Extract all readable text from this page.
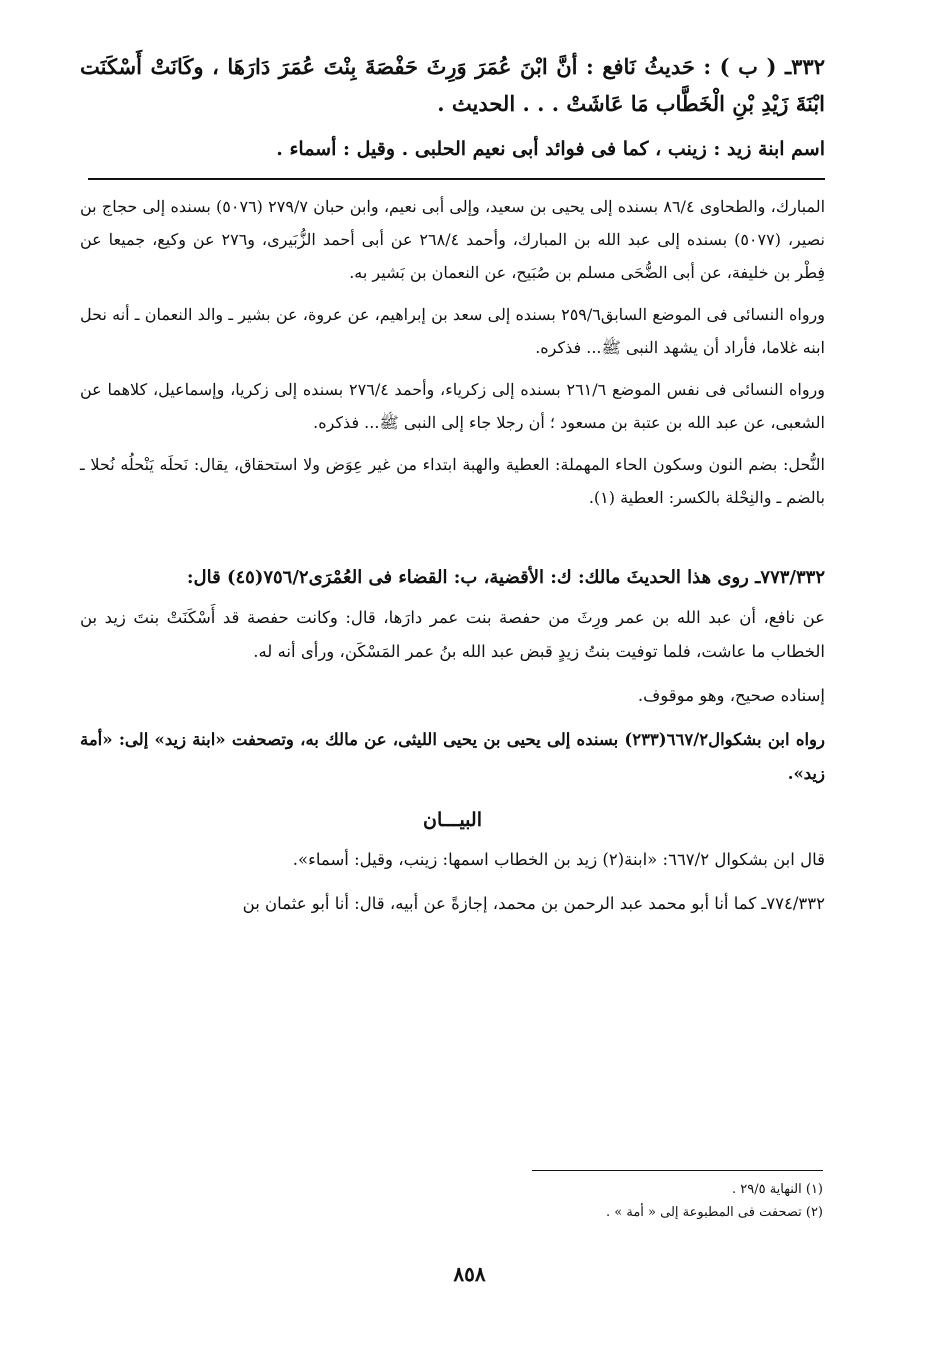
٣٣٢ـ ( ب ) : حَديثُ نَافع : أنَّ ابْنَ عُمَرَ وَرِثَ حَفْصَةَ بِنْتَ عُمَرَ دَارَهَا ، وكَانَتْ أَسْكَنَت ابْنَةَ زَيْدِ بْنِ الْخَطَّاب مَا عَاشَتْ . . . الحديث .

اسم ابنة زيد : زينب ، كما فى فوائد أبى نعيم الحلبى . وقيل : أسماء .

المبارك، والطحاوى ٨٦/٤ بسنده إلى يحيى بن سعيد، وإلى أبى نعيم، وابن حبان ٢٧٩/٧ (٥٠٧٦) بسنده إلى حجاج بن نصير، (٥٠٧٧) بسنده إلى عبد الله بن المبارك، وأحمد ٢٦٨/٤ عن أبى أحمد الزُّبَيرى، و٢٧٦ عن وكيع، جميعا عن فِطْر بن خليفة، عن أبى الضُّحَى مسلم بن صُبَيح، عن النعمان بن بَشير به.

ورواه النسائى فى الموضع السابق٢٥٩/٦ بسنده إلى سعد بن إبراهيم، عن عروة، عن بشير ـ والد النعمان ـ أنه نحل ابنه غلاما، فأراد أن يشهد النبى ﷺ... فذكره.

ورواه النسائى فى نفس الموضع ٢٦١/٦ بسنده إلى زكرياء، وأحمد ٢٧٦/٤ بسنده إلى زكريا، وإسماعيل، كلاهما عن الشعبى، عن عبد الله بن عتبة بن مسعود ؛ أن رجلا جاء إلى النبى ﷺ... فذكره.

النُّحل: بضم النون وسكون الحاء المهملة: العطية والهبة ابتداء من غير عِوَض ولا استحقاق، يقال: نَحلَه يَنْحلُه نُحلا ـ بالضم ـ والنِحْلة بالكسر: العطية (١).

٧٧٣/٣٣٢ـ روى هذا الحديثَ مالك: ك: الأقضية، ب: القضاء فى العُمْرَى٧٥٦/٢(٤٥) قال:

عن نافع، أن عبد الله بن عمر ورِثَ من حفصة بنت عمر دارَها، قال: وكانت حفصة قد أَسْكَنَتْ بنتَ زيد بن الخطاب ما عاشت، فلما توفيت بنتُ زيدٍ قبض عبد الله بنُ عمر المَسْكَن، ورأى أنه له.

إسناده صحيح، وهو موقوف.

رواه ابن بشكوال٦٦٧/٢(٢٣٣) بسنده إلى يحيى بن يحيى الليثى، عن مالك به، وتصحفت «ابنة زيد» إلى: «أمة زيد».

البيـــان

قال ابن بشكوال ٦٦٧/٢: «ابنة(٢) زيد بن الخطاب اسمها: زينب، وقيل: أسماء».

٧٧٤/٣٣٢ـ كما أنا أبو محمد عبد الرحمن بن محمد، إجازةً عن أبيه، قال: أنا أبو عثمان بن

(١) النهاية ٢٩/٥ .

(٢) تصحفت فى المطبوعة إلى « أمة » .

٨٥٨
